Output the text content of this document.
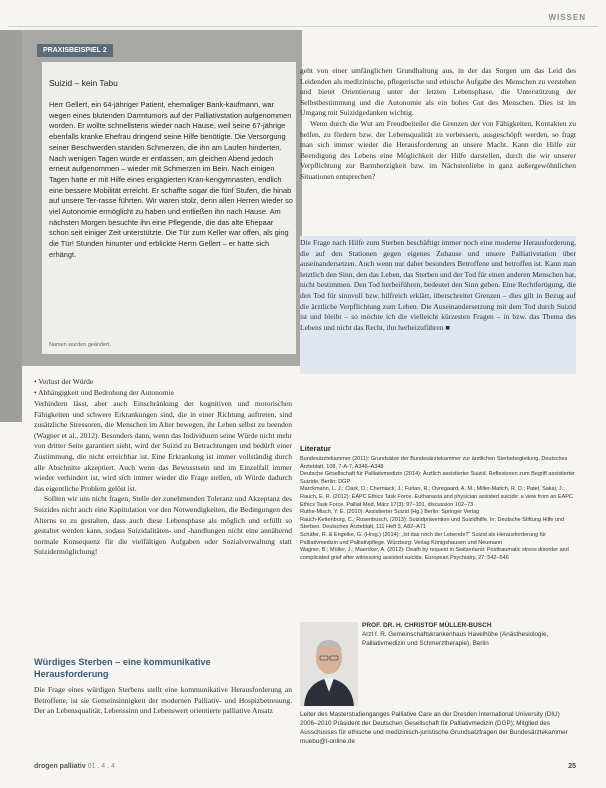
WISSEN
PRAXISBEISPIEL 2
Suizid – kein Tabu

Herr Gellert, ein 64-jähriger Patient, ehemaliger Bank-kaufmann, war wegen eines blutenden Darmtumors auf der Palliativstation aufgenommen worden. Er wollte schnellstens wieder nach Hause, weil seine 67-jährige ebenfalls kranke Ehefrau dringend seine Hilfe benötigte. Die Versorgung seiner Beschwerden standen Schmerzen, die ihn am Laufen hinderten. Nach wenigen Tagen wurde er entlassen, am gleichen Abend jedoch erneut aufgenommen – wieder mit Schmerzen im Bein. Nach einigen Tagen hatte er mit Hilfe eines engagierten Kran-kengymnasten, endlich eine bessere Mobilität erreicht. Er schaffte sogar die fünf Stufen, die hinab auf unsere Ter-rasse führten. Wir waren stolz, denn allen Herren wieder so viel Autonomie ermöglicht zu haben und entließen ihn nach Hause. Am nächsten Morgen besuchte ihn eine Pflegende, die das alte Ehepaar schon seit einiger Zeit unterstützte. Die Tür zum Keller war offen, als ging die Tür! Stunden hinunter und erblickte Herrn Gellert – er hatte sich erhängt.

Namen wurden geändert.
• Verlust der Würde
• Abhängigkeit und Bedrohung der Autonomie

Verhindern lässt, aber auch Einschränkung der kognitiven und motorischen Fähigkeiten und schwere Erkrankungen sind, die in einer Richtung auftreten, sind zusätzliche Stressoren, die Menschen im Alter bewegen, ihr Leben selbst zu beenden (Wagner et al., 2012). Besonders dann, wenn das Individuum seine Würde nicht mehr von dritter Seite garantiert sieht, wird der Suizid zu Betrachtungen und bedürft einer Zustimmung, die nicht erreichbar ist. Eine Erkrankung ist immer vollständig durch alle Abschnitte akzeptiert. Auch wenn das Bewusstsein und im Einzelfall immer wieder verhindert ist, wird sich immer wieder die Frage stellen, ob Würde dadurch das eigentliche Problem gelöst ist.

Sollten wir uns nicht fragen, Stelle der zunehmenden Toleranz und Akzeptanz des Suizides nicht auch eine Kapitulation vor den Notwendigkeiten, die Bedingungen des Alterns so zu gestalten, dass auch diese Lebensphase als möglich und erfüllt so gestaltet werden kann, sodass Suizidalitäten- und -handlungen nicht eine annähernd normale Konsequenz für die vielfältigen Aufgaben oder Sozialverwaltung statt Suizidermöglichung!

Würdiges Sterben – eine kommunikative Herausforderung

Die Frage eines würdigen Sterbens stellt eine kommunikative Herausforderung an Betroffene, ist sie Gemeinsinnigkeit der modernen Palliativ- und Hospizbetreuung. Der an Lebensqualität, Lebenssinn und Lebenswert orientierte palliative Ansatz

geht von einer umfänglichen Grundhaltung aus, in der das Sorgen um das Leid des Leidenden als medizinische, pflegerische und ethische Aufgabe des Menschen zu verstehen und bietet Orientierung unter der letzten Lebensphase, die Unterstützung der Selbstbestimmung und die Autonomie als ein hohes Gut des Menschen. Dies ist im Umgang mit Suizidgedanken wichtig.

Wenn durch die Wut am Freudbeiteiler die Grenzen der von Fähigkeiten, Kontakten zu helfen, zu fördern bzw. der Lebensqualität zu verbessern, ausgeschöpft werden, so fragt man sich immer wieder die Herausforderung an unsere Macht. Kann die Hilfe zur Beendigung des Lebens eine Möglichkeit der Hilfe darstellen, durch die wir unserer Verpflichtung zur Barmherzigkeit bzw. im Nächstenliebe in ganz außergewöhnlichen Situationen entsprechen?

Die Frage nach Hilfe zum Sterben beschäftigt immer noch eine moderne Herausforderung, die auf den Stationen gegen eigenes Zuhause und unsere Palliativstation über auseinandersetzen. Auch wenn nur daher besonders Betroffene und betroffen ist. Kann man letztlich den Sinn, den das Leben, das Sterben und der Tod für einen anderen Menschen hat, nicht bestimmen. Den Tod herbeiführen, bedeutet den Sinn geben. Eine Rechtfertigung, die den Tod für sinnvoll bzw. hilfreich erklärt, überschreitet Grenzen – dies gilt in Bezug auf die ärztliche Verpflichtung zum Leben. Die Auseinandersetzung mit dem Tod durch Suizid ist und bleibt – so möchte ich die vielleicht kürzesten Fragen – in bzw. das Thema des Lebens und nicht das Recht, ihn herbeizuführen ■
Literatur

Bundesärztekammer (2011): Grundsätze der Bundesärztekammer zur ärztlichen Sterbebegleitung. Deutsches Ärzteblatt, 108, 7-A-7, A346–A348

Deutsche Gesellschaft für Palliativmedizin (2014): Ärztlich assistierter Suizid. Reflexionen zum Begriff assistierter Suizide, Berlin: DGP

Marckmann, L. J.; Clark, D.; Cherniack, J.; Furlan, R.; Ovregaard, A. M.; Miller-Matich, R. D.; Patel, Sakai, J.; Rauch, E. R. (2012): EAPC Ethics Task Force. Euthanasia and physician assisted suicide: a view from an EAPC Ethics Task Force. Palliat Med, März 17(3): 97–101, discussion 102–73

Ruthe-Misch, Y. E. (2010): Assistierter Suizid (Hg.) Berlin: Springer Verlag

Rauch-Kettenburg, C.; Rosenbusch, (2013): Suizidprävention und Suizidhilfe. In: Deutsche Stiftung Hilfe und Sterben. Deutsches Ärzteblatt, 111 Heft 3, A82–A71

Schäfer, R. & Engelke, G. (Hrsg.) (2014): „Ist das noch der Lebende?“ Suizid als Herausforderung für Palliativmedizin und Palliativpflege. Würzburg: Verlag Königshausen und Neumann

Wagner, B.; Müller, J.; Maercker, A. (2012): Death by request in Switzerland: Posttraumatic stress disorder and complicated grief after witnessing assisted suicide. European Psychiatry, 27: 542–546

PROF. DR. H. CHRISTOF MÜLLER-BUSCH
Arzt f. R. Gemeinschaftskrankenhaus Havelhöhe (Anästhesiologie, Palliativmedizin und Schmerztherapie), Berlin
Leiter des Masterstudienganges Palliative Care an der Dresden International University (DIU) 2006–2010 Präsident der Deutschen Gesellschaft für Palliativmedizin (DGP); Mitglied des Ausschusses für ethische und medizinisch-juristische Grundsatzfragen der Bundesärztekammer muebu@t-online.de
drogen palliativ 01 . 4 . 4	25
